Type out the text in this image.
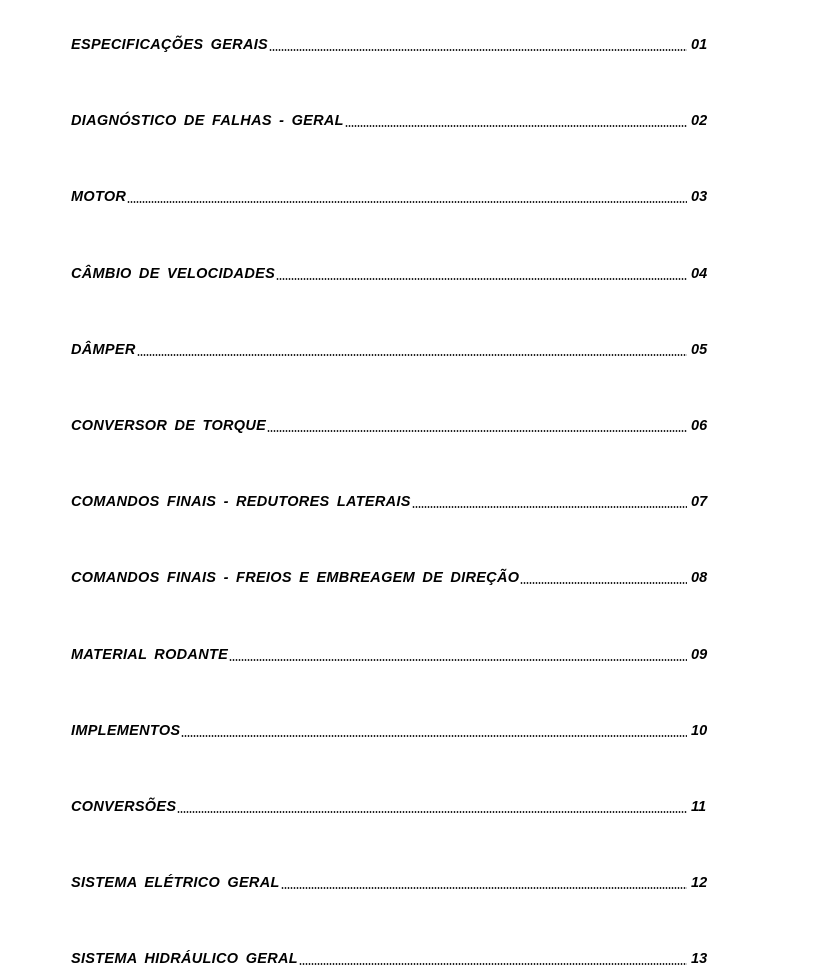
ESPECIFICAÇÕES GERAIS	01
DIAGNÓSTICO DE FALHAS - GERAL	02
MOTOR	03
CÂMBIO DE VELOCIDADES	04
DÂMPER	05
CONVERSOR DE TORQUE	06
COMANDOS FINAIS - REDUTORES LATERAIS	07
COMANDOS FINAIS - FREIOS E EMBREAGEM DE DIREÇÃO	08
MATERIAL RODANTE	09
IMPLEMENTOS	10
CONVERSÕES	11
SISTEMA ELÉTRICO GERAL	12
SISTEMA HIDRÁULICO GERAL	13
